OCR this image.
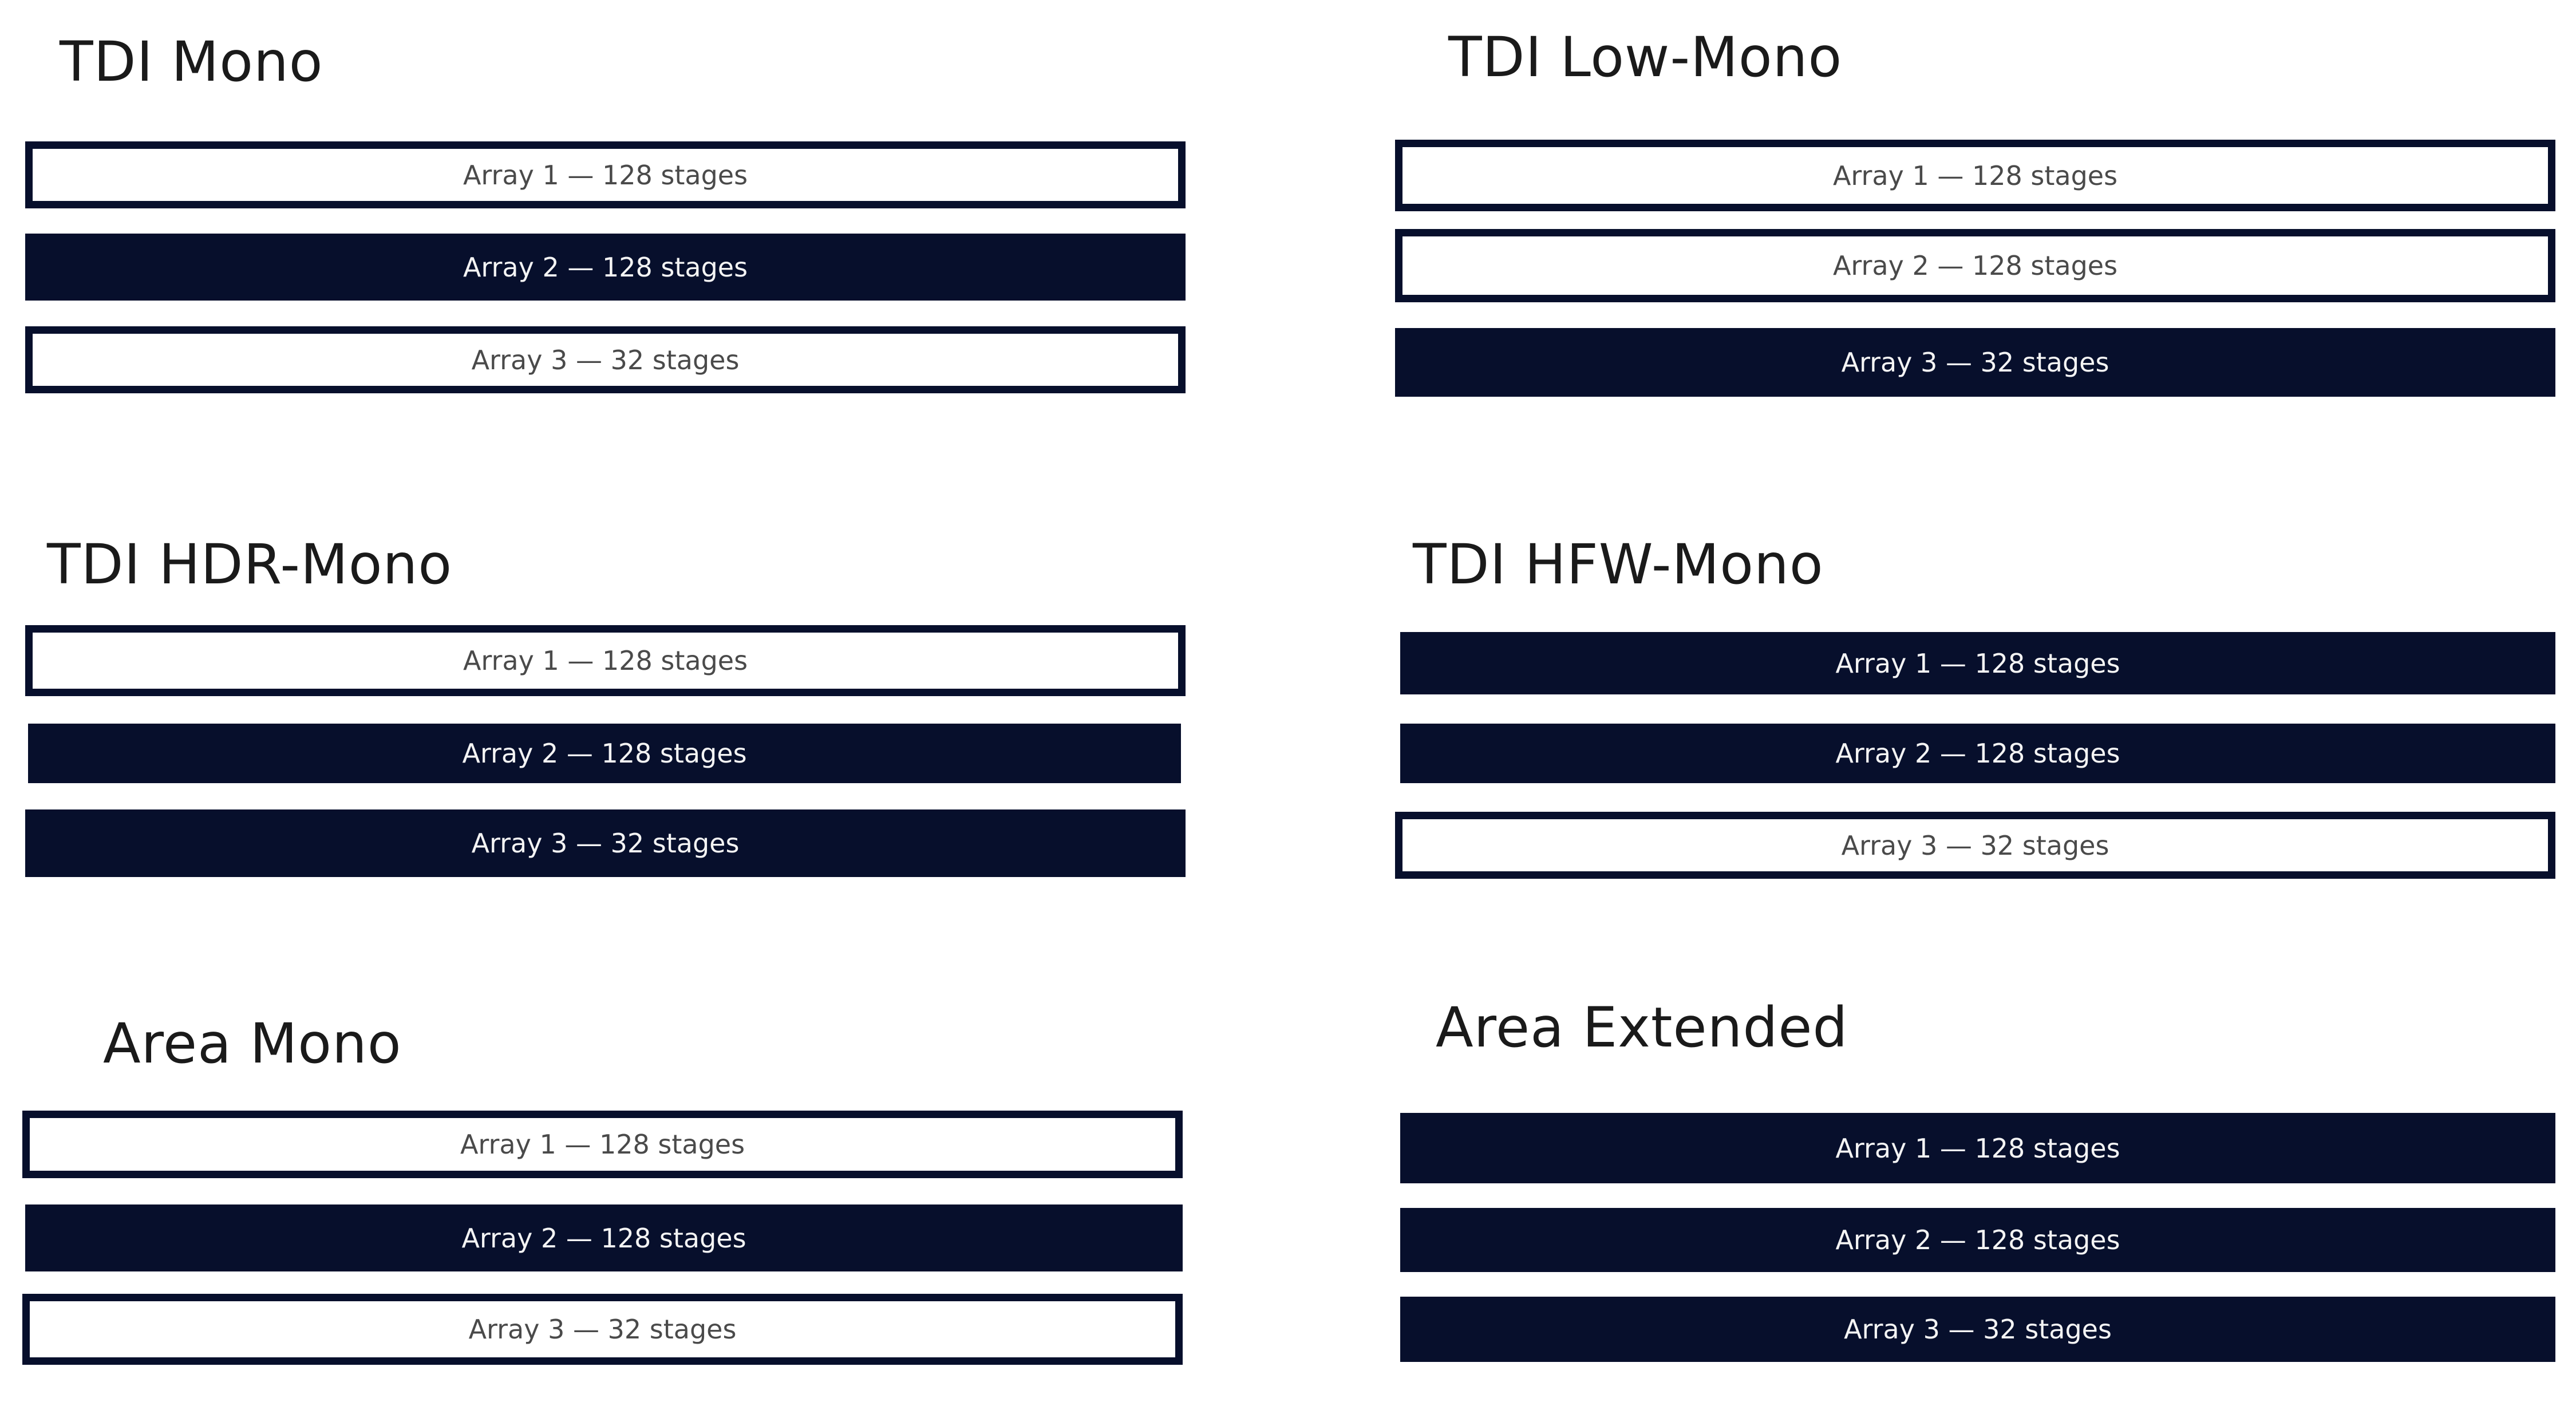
TDI Mono
Array 1 — 128 stages
Array 2 — 128 stages
Array 3 — 32 stages
TDI Low-Mono
Array 1 — 128 stages
Array 2 — 128 stages
Array 3 — 32 stages
TDI HDR-Mono
Array 1 — 128 stages
Array 2 — 128 stages
Array 3 — 32 stages
TDI HFW-Mono
Array 1 — 128 stages
Array 2 — 128 stages
Array 3 — 32 stages
Area Mono
Array 1 — 128 stages
Array 2 — 128 stages
Array 3 — 32 stages
Area Extended
Array 1 — 128 stages
Array 2 — 128 stages
Array 3 — 32 stages
